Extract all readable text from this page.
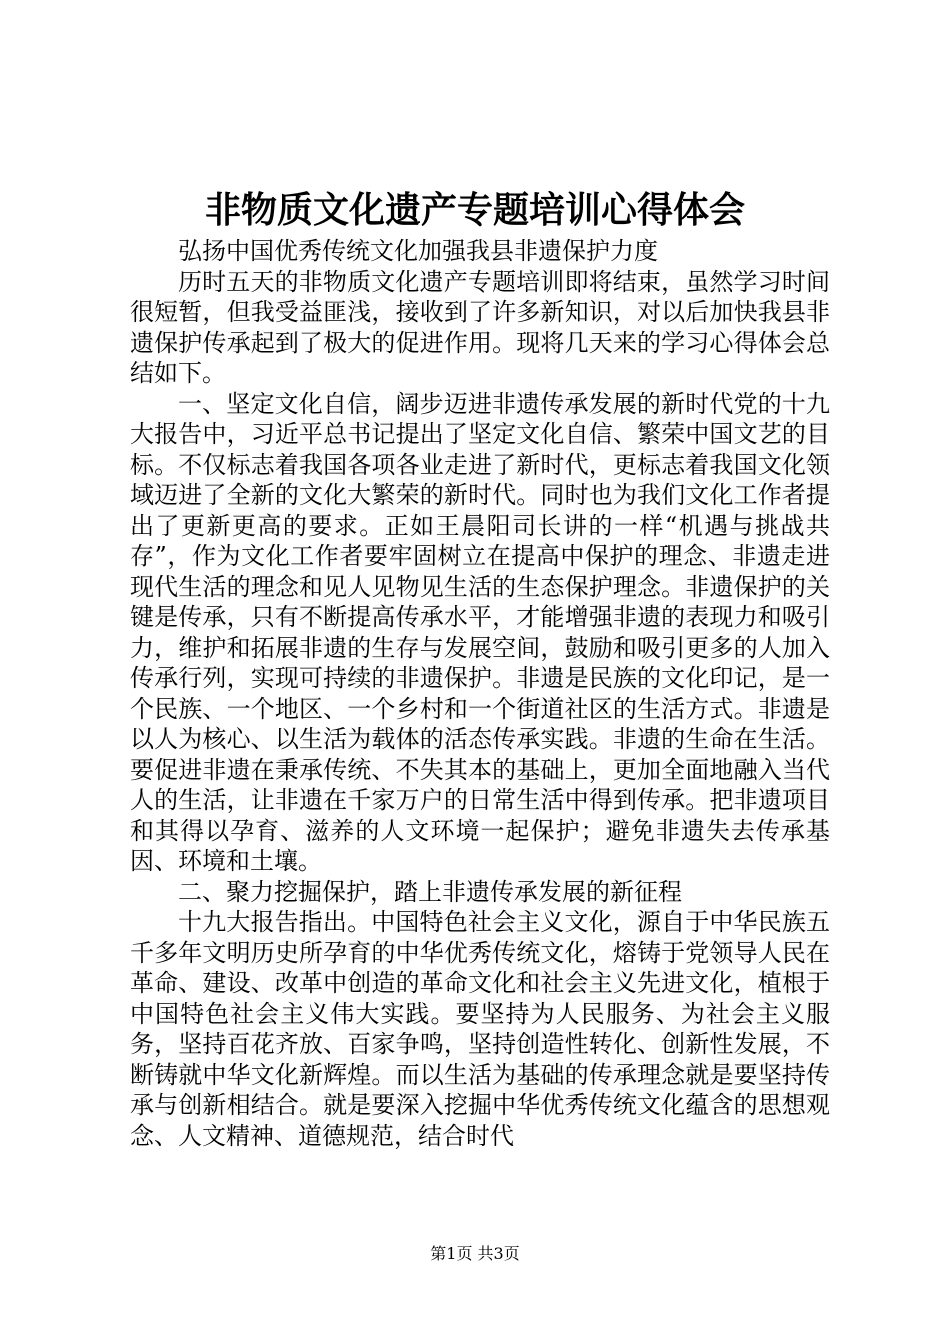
非物质文化遗产专题培训心得体会

弘扬中国优秀传统文化加强我县非遗保护力度

历时五天的非物质文化遗产专题培训即将结束，虽然学习时间很短暂，但我受益匪浅，接收到了许多新知识，对以后加快我县非遗保护传承起到了极大的促进作用。现将几天来的学习心得体会总结如下。

一、坚定文化自信，阔步迈进非遗传承发展的新时代党的十九大报告中，习近平总书记提出了坚定文化自信、繁荣中国文艺的目标。不仅标志着我国各项各业走进了新时代，更标志着我国文化领域迈进了全新的文化大繁荣的新时代。同时也为我们文化工作者提出了更新更高的要求。正如王晨阳司长讲的一样“机遇与挑战共存”，作为文化工作者要牢固树立在提高中保护的理念、非遗走进现代生活的理念和见人见物见生活的生态保护理念。非遗保护的关键是传承，只有不断提高传承水平，才能增强非遗的表现力和吸引力，维护和拓展非遗的生存与发展空间，鼓励和吸引更多的人加入传承行列，实现可持续的非遗保护。非遗是民族的文化印记，是一个民族、一个地区、一个乡村和一个街道社区的生活方式。非遗是以人为核心、以生活为载体的活态传承实践。非遗的生命在生活。要促进非遗在秉承传统、不失其本的基础上，更加全面地融入当代人的生活，让非遗在千家万户的日常生活中得到传承。把非遗项目和其得以孕育、滋养的人文环境一起保护；避免非遗失去传承基因、环境和土壤。

二、聚力挖掘保护，踏上非遗传承发展的新征程

十九大报告指出。中国特色社会主义文化，源自于中华民族五千多年文明历史所孕育的中华优秀传统文化，熔铸于党领导人民在革命、建设、改革中创造的革命文化和社会主义先进文化，植根于中国特色社会主义伟大实践。要坚持为人民服务、为社会主义服务，坚持百花齐放、百家争鸣，坚持创造性转化、创新性发展，不断铸就中华文化新辉煌。而以生活为基础的传承理念就是要坚持传承与创新相结合。就是要深入挖掘中华优秀传统文化蕴含的思想观念、人文精神、道德规范，结合时代

第1页 共3页
